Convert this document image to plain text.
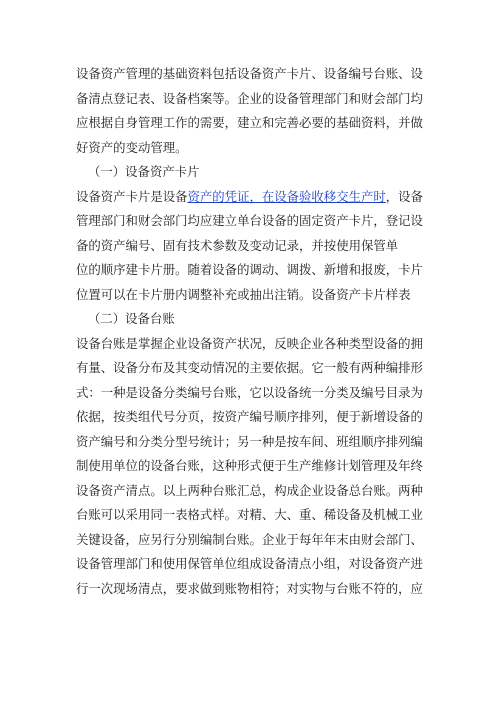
设备资产管理的基础资料包括设备资产卡片、设备编号台账、设
备清点登记表、设备档案等。企业的设备管理部门和财会部门均
应根据自身管理工作的需要，建立和完善必要的基础资料，并做
好资产的变动管理。
（一）设备资产卡片
设备资产卡片是设备资产的凭证，在设备验收移交生产时，设备
管理部门和财会部门均应建立单台设备的固定资产卡片，登记设
备的资产编号、固有技术参数及变动记录，并按使用保管单
位的顺序建卡片册。随着设备的调动、调拨、新增和报废，卡片
位置可以在卡片册内调整补充或抽出注销。设备资产卡片样表
（二）设备台账
设备台账是掌握企业设备资产状况，反映企业各种类型设备的拥
有量、设备分布及其变动情况的主要依据。它一般有两种编排形
式：一种是设备分类编号台账，它以设备统一分类及编号目录为
依据，按类组代号分页，按资产编号顺序排列，便于新增设备的
资产编号和分类分型号统计；另一种是按车间、班组顺序排列编
制使用单位的设备台账，这种形式便于生产维修计划管理及年终
设备资产清点。以上两种台账汇总，构成企业设备总台账。两种
台账可以采用同一表格式样。对精、大、重、稀设备及机械工业
关键设备，应另行分别编制台账。企业于每年年末由财会部门、
设备管理部门和使用保管单位组成设备清点小组，对设备资产进
行一次现场清点，要求做到账物相符；对实物与台账不符的，应
